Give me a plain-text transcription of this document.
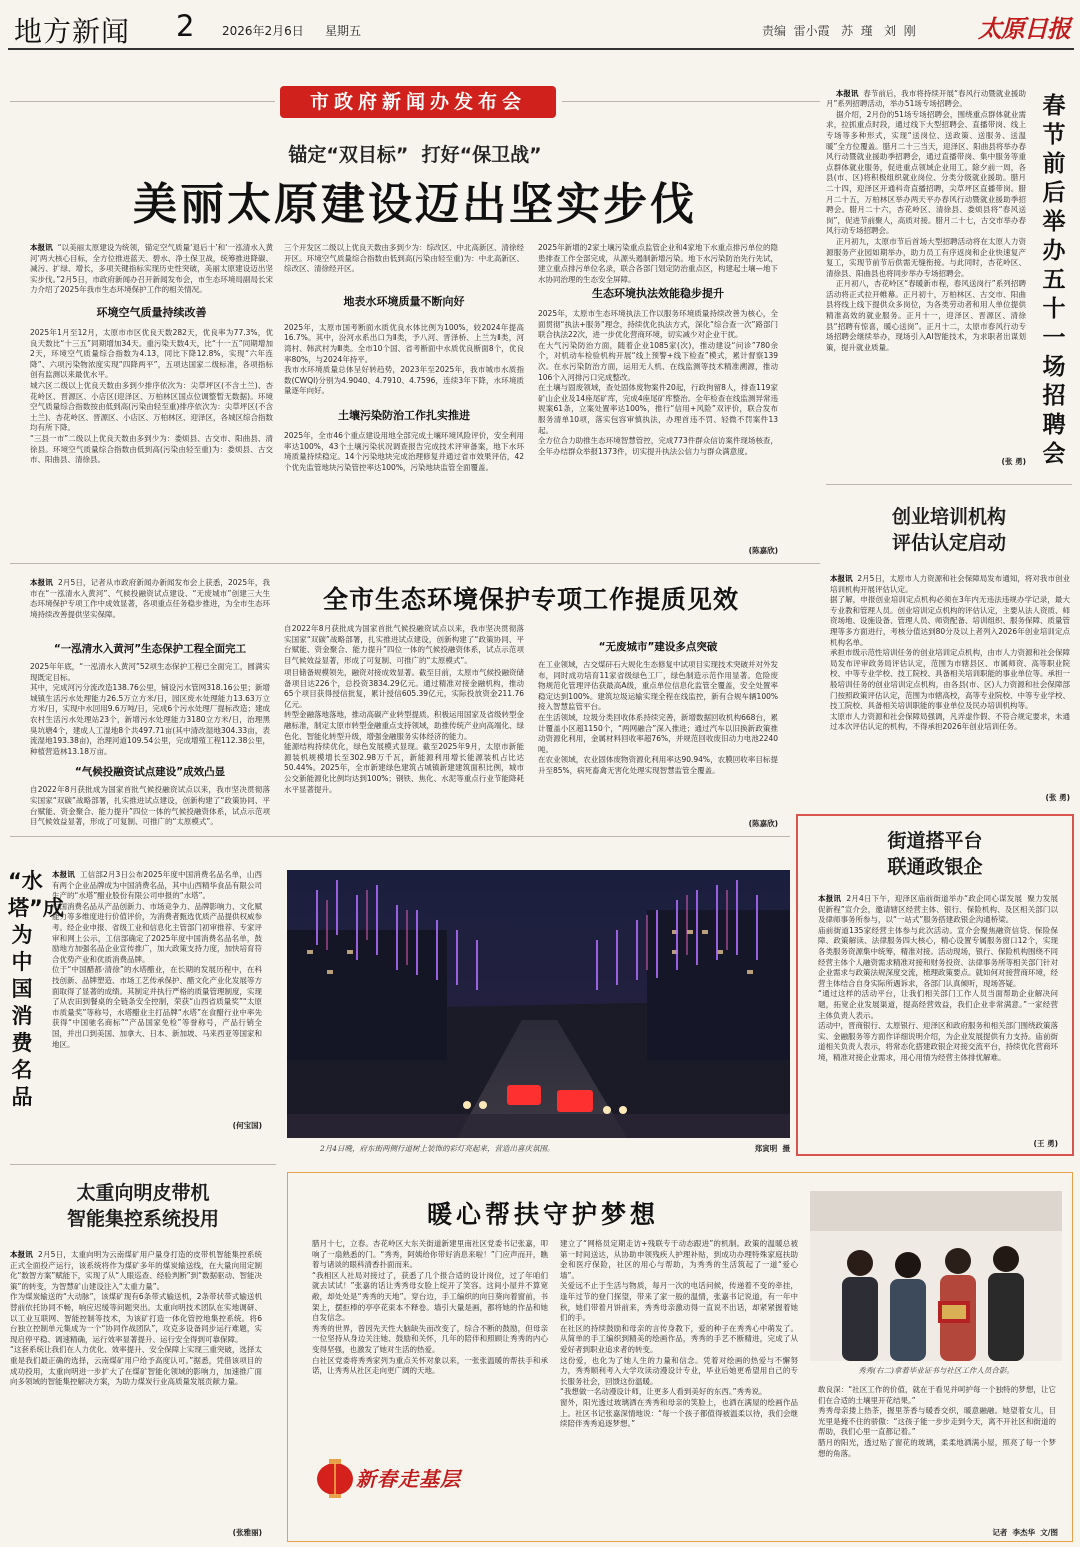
地方新闻 2 2026年2月6日 星期五	责编  雷小霞   苏  瑾   刘  刚	太原日报
市政府新闻办发布会
锚定“双目标”  打好“保卫战”
美丽太原建设迈出坚实步伐
本报讯 “以美丽太原建设为统领，锚定空气质量‘退后十’和‘一泓清水入黄河’两大核心目标，全方位推进蓝天、碧水、净土保卫战，统筹推进降碳、减污、扩绿、增长，多项关键指标实现历史性突破，美丽太原建设迈出坚实步伐。”2月5日，市政府新闻办召开新闻发布会，市生态环境局副局长宋力介绍了2025年我市生态环境保护工作的相关情况。
环境空气质量持续改善
2025年1月至12月，太原市市区优良天数282天，优良率为77.3%，优良天数比“十三五”同期增加34天。重污染天数4天，比“十一五”同期增加2天，环境空气质量综合指数为4.13，同比下降12.8%，实现“六年连降”、六项污染物浓度实现“四降两平”，五项达国家二级标准，各项指标创有监测以来最优水平。
城六区二级以上优良天数由多到少排序依次为：尖草坪区(不含土兰)、杏花岭区、晋源区、小店区(迎泽区、万柏林区国点位调整暂无数据)。环境空气质量综合指数按由低到高(污染由轻至重)排序依次为：尖草坪区(不含土兰)、杏花岭区、晋源区、小店区、万柏林区、迎泽区，各城区综合指数均有所下降。
“三县一市”二级以上优良天数由多到少为：娄烦县、古交市、阳曲县、清徐县。环境空气质量综合指数由低到高(污染由轻至重)为：娄烦县、古交市、阳曲县、清徐县。
三个开发区二级以上优良天数由多到少为：综改区、中北高新区、清徐经开区。环境空气质量综合指数由低到高(污染由轻至重)为：中北高新区、综改区、清徐经开区。
地表水环境质量不断向好
2025年，太原市国考断面水质优良水体比例为100%，较2024年提高16.7%。其中，汾河水系出口为Ⅱ类，予八河、晋泽桥、上兰为Ⅱ类，河湾村、韩武村为Ⅲ类。全市10个国、省考断面中水质优良断面8个，优良率80%，与2024年持平。
我市水环境质量总体呈好转趋势，2023年至2025年，我市城市水质指数(CWQI)分别为4.9040、4.7910、4.7596，连续3年下降，水环境质量逐年向好。
土壤污染防治工作扎实推进
2025年，全市46个重点建设用地全部完成土壤环境风险评价，安全利用率达100%，43个土壤污染状况调查报告完成技术评审备案，地下水环境质量持续稳定。14个污染地块完成治理修复并通过省市效果评估，42个优先监管地块污染管控率达100%，污染地块监管全面覆盖。
2025年新增的2家土壤污染重点监管企业和4家地下水重点排污单位的隐患排查工作全部完成，从源头遏制新增污染。地下水污染防治先行先试，建立重点排污单位名录，联合各部门划定防治重点区，构建起土壤—地下水协同治理的生态安全屏障。
生态环境执法效能稳步提升
2025年，太原市生态环境执法工作以服务环境质量持续改善为核心，全面贯彻“执法+服务”理念，持续优化执法方式，深化“综合查一次”路部门联合执法22次，进一步优化营商环境，切实减少对企业干扰。
在大气污染防治方面，随着企业1085家(次)，推动建设“问诊”780余个，对机动车检验机构开展“线上预警+线下检查”模式，累计督察139次。在水污染防治方面，运用无人机、在线监测等技术精准溯源，推动106个入河排污口完成整改。
在土壤与固废领域，查处固体废物案件20起，行政拘留8人，排查119家矿山企业及14座尾矿库，完成4座尾矿库整治。全年检查在线监测异常违规案61条，立案处置率达100%，推行“信用+风险”双评价，联合发布服务清单10项，落实包容审慎执法，办理首违不罚、轻微不罚案件13起。
全方位合力助推生态环境智慧管控，完成773件群众信访案件现场核查，全年办结群众举报1373件，切实提升执法公信力与群众满意度。
(陈嘉欣)

本报讯 春节前后，我市将持续开展“春风行动暨就业援助月”系列招聘活动，举办51场专场招聘会。
据介绍，2月份的51场专场招聘会，围绕重点群体就业需求，拉抓重点时段，通过线下大型招聘会、直播带岗、线上专场等多种形式，实现“送岗位、送政策、送服务、送温暖”全方位覆盖。腊月二十三当天，迎泽区、阳曲县将举办春风行动暨就业援助季招聘会，通过直播带岗、集中服务等重点群体就业服务，促进重点领域企业用工。除夕前一周，各县(市、区)将积极组织就业岗位、分类分级就业援助。腊月二十四，迎泽区开通科奇直播招聘，尖草坪区直播带岗。腊月二十五，万柏林区举办两天平办春风行动暨就业援助季招聘会。腊月二十六，杏花岭区、清徐县、娄烦县将“春风送岗”，促进节前聚人，高质对接。腊月二十七，古交市举办春风行动专场招聘会。
正月初九，太原市节后首场大型招聘活动将在太原人力资源服务产业园如期举办，助力员工有序返岗和企业快速复产复工，实现节前节后供需无缝衔接。与此同时，杏花岭区、清徐县、阳曲县也将同步举办专场招聘会。
正月初八，杏花岭区“春暖新市程，春风送岗行”系列招聘活动将正式拉开帷幕。正月初十，万柏林区、古交市、阳曲县将线上线下提供众多岗位，为各类劳动者和用人单位提供精准高效的就业服务。正月十一，迎泽区、晋源区、清徐县“招聘有惊喜，暖心送岗”。正月十二，太原市春风行动专场招聘会继续举办，现场引入AI智能技术，为求职者出谋划策，提升就业质量。

(张 勇)
春节前后举办五十一场招聘会
创业培训机构
评估认定启动
本报讯 2月5日，太原市人力资源和社会保障局发布通知，将对我市创业培训机构开展评估认定。
据了解，申报创业培训定点机构必须在3年内无违法违规办学记录，最大专业教和管理人员。创业培训定点机构的评估认定，主要从法人资质、师资场地、设施设备、管理人员、师资配备、培训组织、服务保障、质量管理等多方面进行，考核分值达到80分及以上者列入2026年创业培训定点机构名单。
承担市级示范性培训任务的创业培训定点机构，由市人力资源和社会保障局发布评审政务局评估认定，范围为市辖县区、市属师资、高等职业院校、中等专业学校、技工院校、具备相关培训职能的事业单位等。承担一般培训任务的创业培训定点机构，由各县(市、区)人力资源和社会保障部门按照政策评估认定，范围为市辖高校，高等专业院校、中等专业学校、技工院校、具备相关培训职能的事业单位及民办培训机构等。
太原市人力资源和社会保障局强调，凡弄虚作假、不符合规定要求，未通过本次评估认定的机构，不得承担2026年创业培训任务。
(张 勇)
本报讯 2月5日，记者从市政府新闻办新闻发布会上获悉，2025年，我市在“一泓清水入黄河”、气候投融资试点建设、“无废城市”创建三大生态环境保护专项工作中成效显著，各项重点任务稳步推进，为全市生态环境持续改善提供坚实保障。
全市生态环境保护专项工作提质见效
“一泓清水入黄河”生态保护工程全面完工
2025年年底，“一泓清水入黄河”52项生态保护工程已全面完工，圆满实现既定目标。
其中，完成河污分流改造138.76公里，铺设污水管网318.16公里；新增城镇生活污水处理能力26.5万立方米/日，园区废水处理能力13.63万立方米/日，实现中水回用9.6万吨/日，完成6个污水处理厂提标改造；建成农村生活污水处理站23个，新增污水处理能力3180立方米/日，治理黑臭坑塘4个，建成人工湿地8个共497.71亩(其中清改湿地304.33亩，表流湿地193.38亩)，治理河道109.54公里，完成增殖工程112.38公里，种植营造林13.18万亩。
“气候投融资试点建设”成效凸显
自2022年8月获批成为国家首批气候投融资试点以来，我市坚决贯彻落实国家“双碳”战略部署，扎实推进试点建设，创新构建了“政策协同、平台赋能、资金聚合、能力提升”四位一体的气候投融资体系，试点示范项目气候效益显著，形成了可复制、可推广的“太原模式”。
自2022年8月获批成为国家首批气候投融资试点以来，我市坚决贯彻落实国家“双碳”战略部署，扎实推进试点建设，创新构建了“政策协同、平台赋能、资金聚合、能力提升”四位一体的气候投融资体系，试点示范项目气候效益显著，形成了可复制、可推广的“太原模式”。
项目储备规模领先，融资对接成效显著。截至目前，太原市气候投融资储备项目达226个，总投资3834.29亿元。通过精准对接金融机构，推动65个项目获得授信批复，累计授信605.39亿元，实际投放资金211.76亿元。
转型金融落地落地，推动高碳产业转型提质。积极运用国家及省级转型金融标准，制定太原市转型金融重点支持领域，助推传统产业向高端化、绿色化、智能化转型升级，增强金融服务实体经济的能力。
能源结构持续优化，绿色发展模式显现。截至2025年9月，太原市新能源装机规模增长至302.98万千瓦，新能源利用增长能源装机占比达50.44%。2025年，全市新建绿色建筑占城镇新建建筑面积比例，城市公交新能源化比例均达到100%；钢铁、焦化、水泥等重点行业节能降耗水平显著提升。
“无废城市”建设多点突破
在工业领域，古交煤矸石大规化生态修复中试项目实现技术突破并对外发布，同时成功培育11家省级绿色工厂，绿色制造示范作用显著。危险废物规范化管理评估获最高A级，重点单位信息化监管全覆盖，安全处置率稳定达到100%。建筑垃圾运输实现全程在线监控，新有合规车辆100%接入智慧监管平台。
在生活领域，垃圾分类回收体系持续完善，新增数据回收机构668台，累计覆盖小区超1150个，“两网融合”深入推进；通过汽车以旧换新政策推动资源化利用，金属材料回收率超76%，并规范回收废旧动力电池2240吨。
在农业领域，农业固体废物资源化利用率达90.94%，农膜回收率目标提升至85%，病死畜禽无害化处理实现智慧监管全覆盖。
(陈嘉欣)
“水塔”成为中国消费名品
本报讯 工信部2月3日公布2025年度中国消费名品名单，山西有两个企业品牌成为中国消费名品，其中山西精华食品有限公司生产的“水塔”醋业股份有限公司申报的“水塔”。
中国消费名品从产品创新力、市场竞争力、品牌影响力、文化赋能力等多维度进行价值评价，为消费者甄选优质产品提供权威参考。经企业申报、省级工业和信息化主管部门初审推荐、专家评审和网上公示，工信部确定了2025年度中国消费名品名单，鼓励地方加强名品企业宣传推广，加大政策支持力度，加快培育符合优势产业和优质消费品牌。
位于“中国醋都·清徐”的水塔醋业，在长期的发展历程中，在科技创新、品牌塑造、市场工艺传承保护、醋文化产业化发展等方面取得了显著的成绩。其制定并执行严格的质量管理制度，实现了从农田到餐桌的全链条安全控制，荣获“山西省质量奖”“太原市质量奖”等称号，水塔醋业主打品牌“水塔”在食醋行业中率先获得“中国驰名商标”“产品国家免检”等誉称号，产品行销全国，并出口到美国、加拿大、日本、新加坡、马来西亚等国家和地区。
(何宝国)
2月4日晚，府东街两侧行道树上装饰的彩灯亮起来，营造出喜庆氛围。	郑寅明  摄
街道搭平台
联通政银企
本报讯 2月4日下午，迎泽区庙前街道举办“政企同心谋发展  聚力发展促新程”宣介会，邀请辖区经营主体、银行、保险机构、及区相关部门以及律师事务所参与，以“一站式”服务搭建政银企沟通桥梁。
庙前街道135家经营主体参与此次活动。宣介会聚焦融资信贷、保险保障、政策解读、法律服务四大核心，精心设置专属服务窗口12个，实现各类服务资源集中统筹，精准对接。活动现场，银行、保险机构围绕不同经营主体个人融资需求精准对接和财务投资、法律事务所等相关部门针对企业需求与政策法规深度交流，梳理政策要点。就如何对接营商环境，经营主体结合自身实际所遇诉求，各部门认真倾听，现场答疑。
“通过这样的活动平台，让我们相关部门工作人员当面帮助企业解决问题，拓宽企业发展渠道，提高经营效益，我们企业非常满意。”一家经营主体负责人表示。
活动中，晋商银行、太原银行、迎泽区和政府服务和相关部门围绕政策落实、金融服务等方面作详细说明介绍，为企业发展提供有力支持。庙前街道相关负责人表示，将常态化搭建政银企对接交流平台，持续优化营商环境，精准对接企业需求，用心用情为经营主体排忧解难。
(王 勇)
太重向明皮带机
智能集控系统投用
本报讯 2月5日，太重向明为云南煤矿用户量身打造的皮带机智能集控系统正式全面投产运行，该系统将作为煤矿多年的煤炭输送线，在大量向用定制化“数智方案”赋能下，实现了从“人眼巡查、经验判断”到“数据驱动、智能决策”的转变，为智慧矿山建设注入“太重力量”。
作为煤炭输送的“大动脉”，该煤矿现有6条带式输送机，2条带状带式输送机替前依托协同不畅，响应迟缓等问题突出。太重向明技术团队在实地调研、以工业互联网、智能控制等技术，为该矿打造一体化管控地集控系统。将6台独立控制单元集成为一个“协同作战团队”，攻克多设备同步运行难题，实现启停平稳、调速精确，运行效率显著提升、运行安全得到可靠保障。
“这套系统让我们在人力优化、效率提升、安全保障上实现三重突破，选择太重是我们最正确的选择，云南煤矿用户给予高度认可。”据悉，凭借该项目的成功投用，太重向明进一步扩大了在煤矿智能化领域的影响力，加速推广面向多领域的智能集控解决方案，为助力煤炭行业高质量发展贡献力量。
(张雅丽)
暖心帮扶守护梦想
腊月十七，立春。杏花岭区大东关街道新建里南社区党委书记张嘉，叩响了一扇熟悉的门。“秀秀，阿姨给你带好消息来啦！”门应声而开，瞧着与诸谈的眼科清香扑面而来。
“我相区人社局对接过了，获悉了几个报合适的设计岗位，过了年咱们就去试试！”张嘉的话让秀秀母女脸上绽开了笑容。这间小屋并不算宽敞，却处处是“秀秀的天地”。穿台边，手工编织的向日葵向着窗前，书架上，摆拒棒的亭亭花束本不释卷。墙引大量是画，都将她的作品和她自发信念。
秀秀的世界，曾因先天性大脑缺失而改变了，综合不断的鼓励，但母亲一位坚持从身边关注她、鼓励和关怀，几年的陪伴和照顾让秀秀的内心变得坚强，也激发了她对生活的热爱。
白社区党委将秀秀家列为重点关怀对象以来，一张张温暖的帮扶手和承诺，让秀秀从社区走向更广阔的天地。
新春走基层
建立了“网格员定期走访+残联专干动态跟进”的机制。政策的温暖总被第一时间送达，从协助申领残疾人护理补贴，到成功办理特殊家庭扶助金和医疗保险，社区的用心与帮助，为秀秀的生活筑起了一道“爱心墙”。
关爱远不止于生活与物质，每月一次的电话问候，传递着不变的牵挂，逢年过节的登门探望，带来了家一般的温情，张嘉书记说道，有一年中秋，她们带着月饼前来，秀秀母亲激动得一直说不出话，却紧紧握着她们的手。
在社区的持续鼓励和母亲的言传身教下，爱的种子在秀秀心中萌发了。从简单的手工编织到精美的绘画作品，秀秀的手艺不断精进，完成了从爱好者到职业追求者的转变。
这份爱，也化为了她人生的力量和信念。凭着对绘画的热爱与不懈努力，秀秀顺利考入大学攻读动漫设计专业，毕业后她更希望用自己的专长服务社会，回馈这份温暖。
“我想做一名动漫设计师，让更多人看到美好的东西。”秀秀说。
窗外，阳光透过玻璃洒在秀秀和母亲的笑脸上，也洒在满屋的绘画作品上。社区书记张嘉深情地说：“每一个孩子都值得被温柔以待，我们会继续陪伴秀秀追逐梦想。”
秀秀(右二)拿着毕业证书与社区工作人员合影。
敢良深：“社区工作的价值，就在于看见并呵护每一个独特的梦想，让它们在合适的土壤里开花结果。”
秀秀母亲搂上热茶，握里茶香与暖香交织，暖意融融。她望着女儿，目光里是掩不住的骄傲：“这孩子能一步步走到今天，离不开社区和街道的帮助，我们心里一直都记着。”
腊月的阳光，透过贴了窗花的玻璃，柔柔地洒满小屋，照亮了每一个梦想的角落。
记者  李杰华  文/图
